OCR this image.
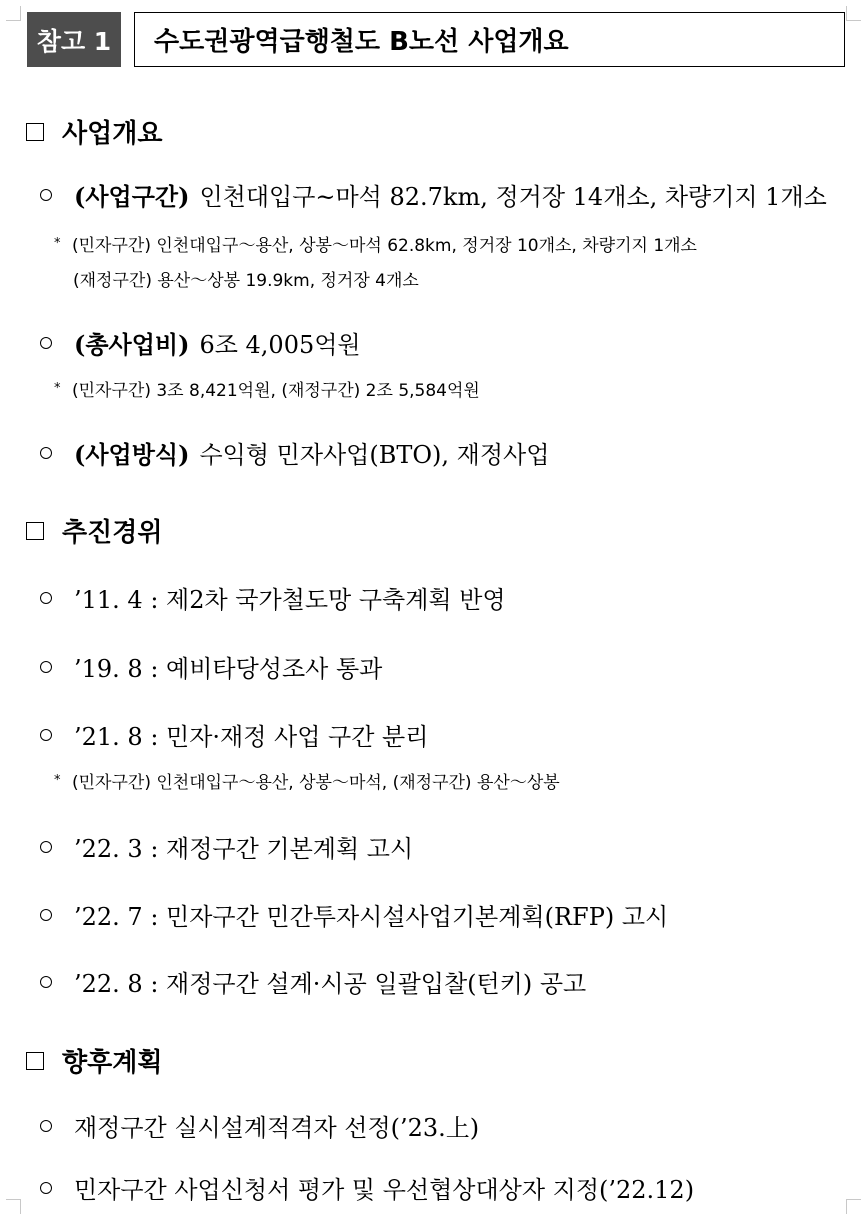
참고 1	수도권광역급행철도 B노선 사업개요
사업개요
(사업구간) 인천대입구~마석 82.7km, 정거장 14개소, 차량기지 1개소
* (민자구간) 인천대입구～용산, 상봉～마석 62.8km, 정거장 10개소, 차량기지 1개소
(재정구간) 용산～상봉 19.9km, 정거장 4개소
(총사업비) 6조 4,005억원
* (민자구간) 3조 8,421억원, (재정구간) 2조 5,584억원
(사업방식) 수익형 민자사업(BTO), 재정사업
추진경위
’11. 4 : 제2차 국가철도망 구축계획 반영
’19. 8 : 예비타당성조사 통과
’21. 8 : 민자·재정 사업 구간 분리
* (민자구간) 인천대입구～용산, 상봉～마석, (재정구간) 용산～상봉
’22. 3 : 재정구간 기본계획 고시
’22. 7 : 민자구간 민간투자시설사업기본계획(RFP) 고시
’22. 8 : 재정구간 설계·시공 일괄입찰(턴키) 공고
향후계획
재정구간 실시설계적격자 선정(’23.上)
민자구간 사업신청서 평가 및 우선협상대상자 지정(’22.12)
